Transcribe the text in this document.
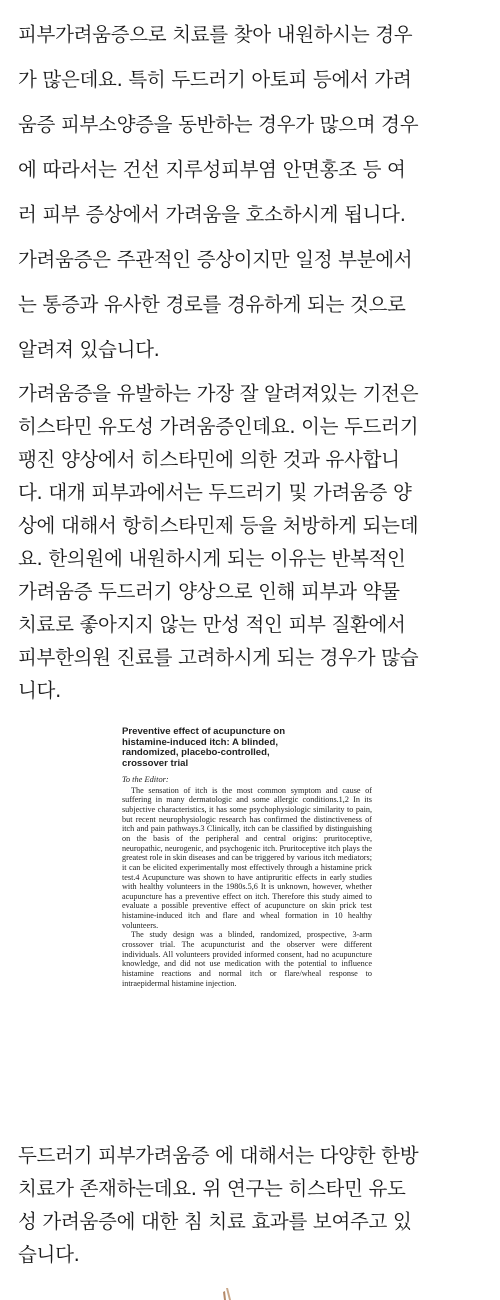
피부가려움증으로 치료를 찾아 내원하시는 경우
가 많은데요. 특히 두드러기 아토피 등에서 가려
움증 피부소양증을 동반하는 경우가 많으며 경우
에 따라서는 건선 지루성피부염 안면홍조 등 여
러 피부 증상에서 가려움을 호소하시게 됩니다.
가려움증은 주관적인 증상이지만 일정 부분에서
는 통증과 유사한 경로를 경유하게 되는 것으로
알려져 있습니다.
가려움증을 유발하는 가장 잘 알려져있는 기전은
히스타민 유도성 가려움증인데요. 이는 두드러기
팽진 양상에서 히스타민에 의한 것과 유사합니
다. 대개 피부과에서는 두드러기 및 가려움증 양
상에 대해서 항히스타민제 등을 처방하게 되는데
요. 한의원에 내원하시게 되는 이유는 반복적인
가려움증 두드러기 양상으로 인해 피부과 약물
치료로 좋아지지 않는 만성 적인 피부 질환에서
피부한의원 진료를 고려하시게 되는 경우가 많습
니다.

Preventive effect of acupuncture on
histamine-induced itch: A blinded,
randomized, placebo-controlled,
crossover trial

To the Editor:

The sensation of itch is the most common symptom and cause of suffering in many dermatologic and some allergic conditions.1,2 In its subjective characteristics, it has some psychophysiologic similarity to pain, but recent neurophysiologic research has confirmed the distinctiveness of itch and pain pathways.3 Clinically, itch can be classified by distinguishing on the basis of the peripheral and central origins: pruritoceptive, neuropathic, neurogenic, and psychogenic itch. Pruritoceptive itch plays the greatest role in skin diseases and can be triggered by various itch mediators; it can be elicited experimentally most effectively through a histamine prick test.4 Acupuncture was shown to have antipruritic effects in early studies with healthy volunteers in the 1980s.5,6 It is unknown, however, whether acupuncture has a preventive effect on itch. Therefore this study aimed to evaluate a possible preventive effect of acupuncture on skin prick test histamine-induced itch and flare and wheal formation in 10 healthy volunteers.

The study design was a blinded, randomized, prospective, 3-arm crossover trial. The acupuncturist and the observer were different individuals. All volunteers provided informed consent, had no acupuncture knowledge, and did not use medication with the potential to influence histamine reactions and normal itch or flare/wheal response to intraepidermal histamine injection.

두드러기 피부가려움증 에 대해서는 다양한 한방
치료가 존재하는데요. 위 연구는 히스타민 유도
성 가려움증에 대한 침 치료 효과를 보여주고 있
습니다.
